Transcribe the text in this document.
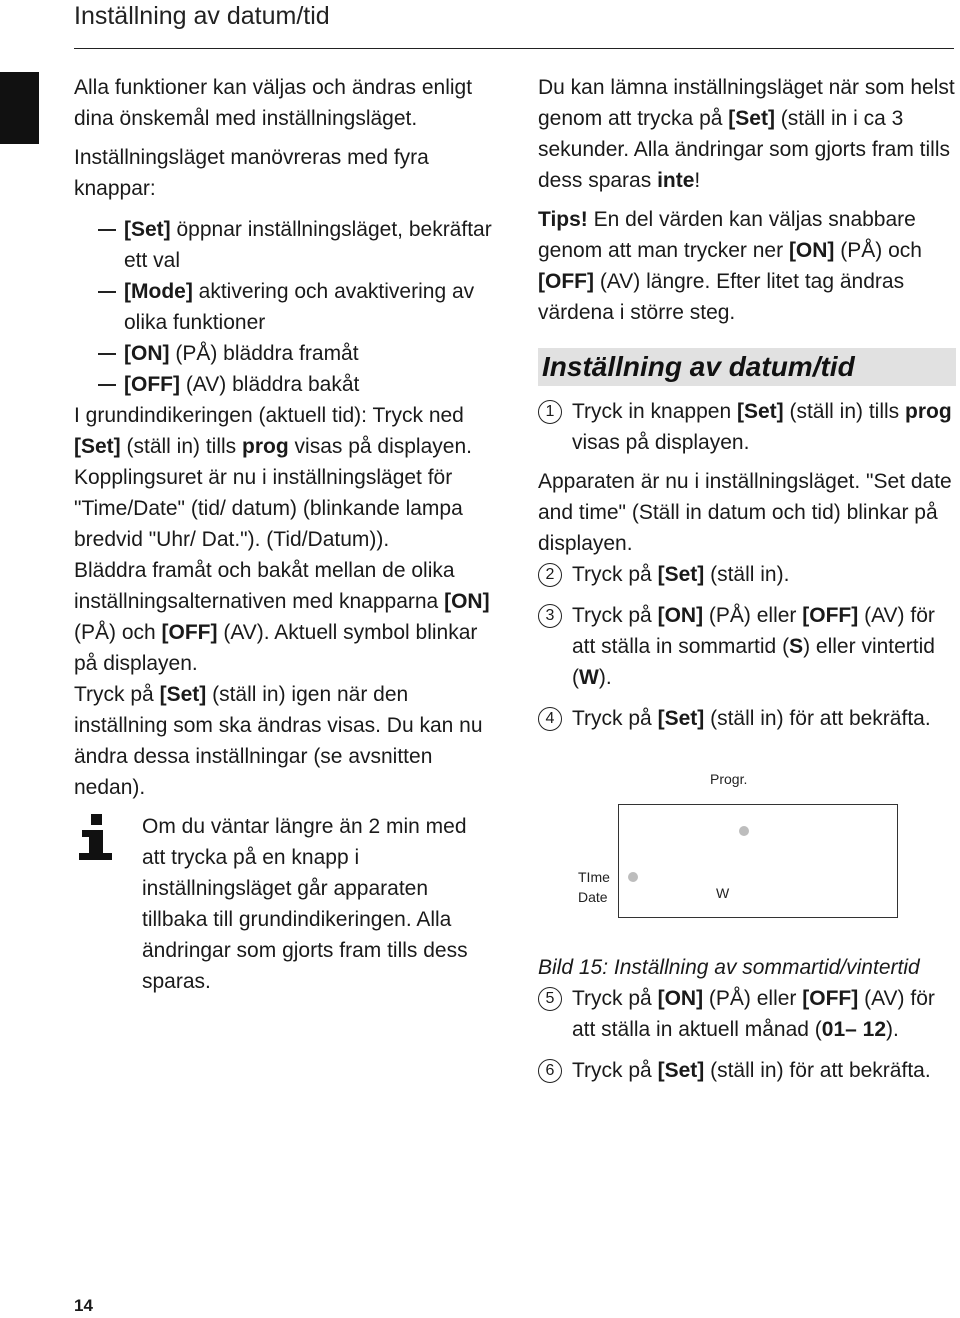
Inställning av datum/tid

Alla funktioner kan väljas och ändras enligt dina önskemål med inställningsläget.

Inställningsläget manövreras med fyra knappar:

[Set] öppnar inställningsläget, bekräftar ett val
[Mode] aktivering och avaktivering av olika funktioner
[ON] (PÅ) bläddra framåt
[OFF] (AV) bläddra bakåt

I grundindikeringen (aktuell tid): Tryck ned [Set] (ställ in) tills prog visas på displayen. Kopplingsuret är nu i inställningsläget för "Time/Date" (tid/ datum) (blinkande lampa bredvid "Uhr/ Dat."). (Tid/Datum)).

Bläddra framåt och bakåt mellan de olika inställningsalternativen med knapparna [ON] (PÅ) och [OFF] (AV). Aktuell symbol blinkar på displayen.

Tryck på [Set] (ställ in) igen när den inställning som ska ändras visas. Du kan nu ändra dessa inställningar (se avsnitten nedan).

Om du väntar längre än 2 min med att trycka på en knapp i inställningsläget går apparaten tillbaka till grundindikeringen. Alla ändringar som gjorts fram tills dess sparas.

Du kan lämna inställningsläget när som helst genom att trycka på [Set] (ställ in i ca 3 sekunder. Alla ändringar som gjorts fram tills dess sparas inte!

Tips! En del värden kan väljas snabbare genom att man trycker ner [ON] (PÅ) och [OFF] (AV) längre. Efter litet tag ändras värdena i större steg.

Inställning av datum/tid
1 Tryck in knappen [Set] (ställ in) tills prog visas på displayen.

Apparaten är nu i inställningsläget. "Set date and time" (Ställ in datum och tid) blinkar på displayen.

2 Tryck på [Set] (ställ in).
3 Tryck på [ON] (PÅ) eller [OFF] (AV) för att ställa in sommartid (S) eller vintertid (W).
4 Tryck på [Set] (ställ in) för att bekräfta.
Progr.
TIme
Date	W

Bild 15: Inställning av sommartid/vintertid

5 Tryck på [ON] (PÅ) eller [OFF] (AV) för att ställa in aktuell månad (01– 12).
6 Tryck på [Set] (ställ in) för att bekräfta.
14
